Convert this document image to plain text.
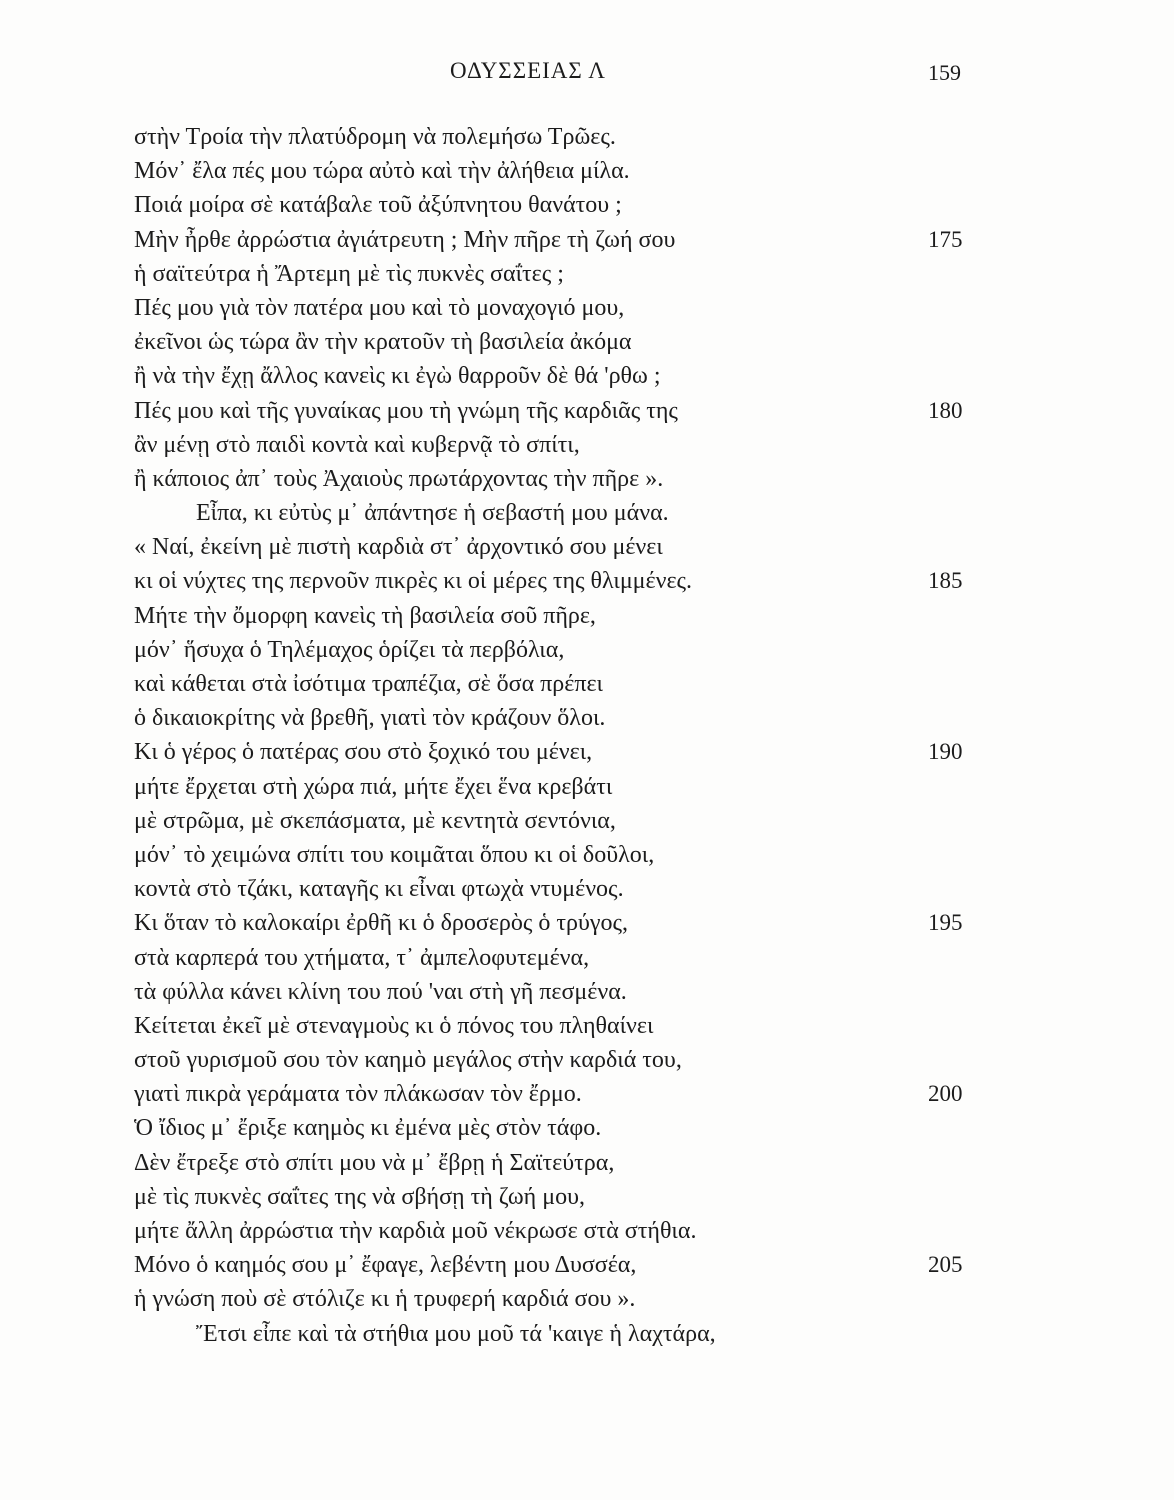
ΟΔΥΣΣΕΙΑΣ Λ	159
στὴν Τροία τὴν πλατύδρομη νὰ πολεμήσω Τρῶες.
Μόν᾽ ἔλα πές μου τώρα αὐτὸ καὶ τὴν ἀλήθεια μίλα.
Ποιά μοίρα σὲ κατάβαλε τοῦ ἀξύπνητου θανάτου ;
Μὴν ἦρθε ἀρρώστια ἀγιάτρευτη ; Μὴν πῆρε τὴ ζωή σου	175
ἡ σαϊτεύτρα ἡ Ἄρτεμη μὲ τὶς πυκνὲς σαΐτες ;
Πές μου γιὰ τὸν πατέρα μου καὶ τὸ μοναχογιό μου,
ἐκεῖνοι ὡς τώρα ἂν τὴν κρατοῦν τὴ βασιλεία ἀκόμα
ἢ νὰ τὴν ἔχῃ ἄλλος κανεὶς κι ἐγὼ θαρροῦν δὲ θά 'ρθω ;
Πές μου καὶ τῆς γυναίκας μου τὴ γνώμη τῆς καρδιᾶς της	180
ἂν μένῃ στὸ παιδὶ κοντὰ καὶ κυβερνᾷ τὸ σπίτι,
ἢ κάποιος ἀπ᾽ τοὺς Ἀχαιοὺς πρωτάρχοντας τὴν πῆρε ».
Εἶπα, κι εὐτὺς μ᾽ ἀπάντησε ἡ σεβαστή μου μάνα.
« Ναί, ἐκείνη μὲ πιστὴ καρδιὰ στ᾽ ἀρχοντικό σου μένει
κι οἱ νύχτες της περνοῦν πικρὲς κι οἱ μέρες της θλιμμένες.	185
Μήτε τὴν ὄμορφη κανεὶς τὴ βασιλεία σοῦ πῆρε,
μόν᾽ ἥσυχα ὁ Τηλέμαχος ὁρίζει τὰ περβόλια,
καὶ κάθεται στὰ ἰσότιμα τραπέζια, σὲ ὅσα πρέπει
ὁ δικαιοκρίτης νὰ βρεθῆ, γιατὶ τὸν κράζουν ὅλοι.
Κι ὁ γέρος ὁ πατέρας σου στὸ ξοχικό του μένει,	190
μήτε ἔρχεται στὴ χώρα πιά, μήτε ἔχει ἕνα κρεβάτι
μὲ στρῶμα, μὲ σκεπάσματα, μὲ κεντητὰ σεντόνια,
μόν᾽ τὸ χειμώνα σπίτι του κοιμᾶται ὅπου κι οἱ δοῦλοι,
κοντὰ στὸ τζάκι, καταγῆς κι εἶναι φτωχὰ ντυμένος.
Κι ὅταν τὸ καλοκαίρι ἐρθῆ κι ὁ δροσερὸς ὁ τρύγος,	195
στὰ καρπερά του χτήματα, τ᾽ ἀμπελοφυτεμένα,
τὰ φύλλα κάνει κλίνη του πού 'ναι στὴ γῆ πεσμένα.
Κείτεται ἐκεῖ μὲ στεναγμοὺς κι ὁ πόνος του πληθαίνει
στοῦ γυρισμοῦ σου τὸν καημὸ μεγάλος στὴν καρδιά του,
γιατὶ πικρὰ γεράματα τὸν πλάκωσαν τὸν ἔρμο.	200
Ὁ ἴδιος μ᾽ ἔριξε καημὸς κι ἐμένα μὲς στὸν τάφο.
Δὲν ἔτρεξε στὸ σπίτι μου νὰ μ᾽ ἔβρῃ ἡ Σαϊτεύτρα,
μὲ τὶς πυκνὲς σαΐτες της νὰ σβήσῃ τὴ ζωή μου,
μήτε ἄλλη ἀρρώστια τὴν καρδιὰ μοῦ νέκρωσε στὰ στήθια.
Μόνο ὁ καημός σου μ᾽ ἔφαγε, λεβέντη μου Δυσσέα,	205
ἡ γνώση ποὺ σὲ στόλιζε κι ἡ τρυφερή καρδιά σου ».
Ἔτσι εἶπε καὶ τὰ στήθια μου μοῦ τά 'καιγε ἡ λαχτάρα,
